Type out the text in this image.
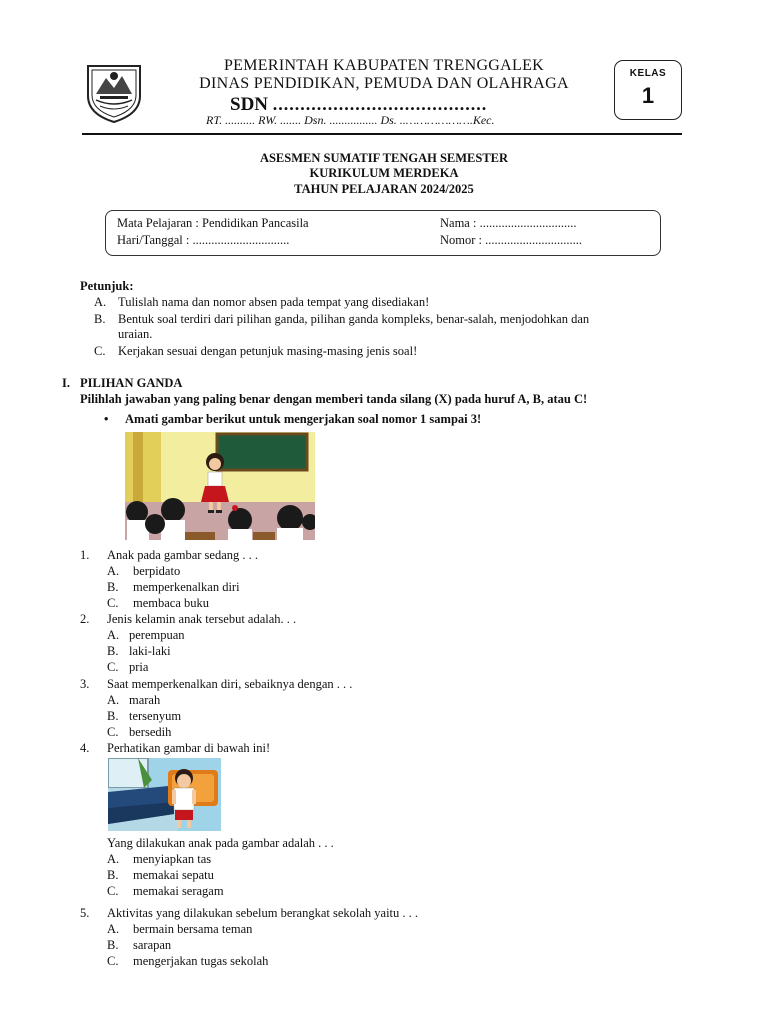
PEMERINTAH KABUPATEN TRENGGALEK
DINAS PENDIDIKAN, PEMUDA DAN OLAHRAGA
SDN .......................................
RT. .......... RW. ....... Dsn. ................ Ds. ..……………….Kec.
KELAS
1
ASESMEN SUMATIF TENGAH SEMESTER
KURIKULUM MERDEKA
TAHUN PELAJARAN 2024/2025
Mata Pelajaran : Pendidikan Pancasila
Hari/Tanggal : ...............................
Nama : ...............................
Nomor : ...............................
Petunjuk:
A. Tulislah nama dan nomor absen pada tempat yang disediakan!
B. Bentuk soal terdiri dari pilihan ganda, pilihan ganda kompleks, benar-salah, menjodohkan dan
uraian.
C. Kerjakan sesuai dengan petunjuk masing-masing jenis soal!
I. PILIHAN GANDA
Pilihlah jawaban yang paling benar dengan memberi tanda silang (X) pada huruf A, B, atau C!
• Amati gambar berikut untuk mengerjakan soal nomor 1 sampai 3!
1. Anak pada gambar sedang . . .
A. berpidato
B. memperkenalkan diri
C. membaca buku
2. Jenis kelamin anak tersebut adalah. . .
A. perempuan
B. laki-laki
C. pria
3. Saat memperkenalkan diri, sebaiknya dengan . . .
A. marah
B. tersenyum
C. bersedih
4. Perhatikan gambar di bawah ini!
Yang dilakukan anak pada gambar adalah . . .
A. menyiapkan tas
B. memakai sepatu
C. memakai seragam
5. Aktivitas yang dilakukan sebelum berangkat sekolah yaitu . . .
A. bermain bersama teman
B. sarapan
C. mengerjakan tugas sekolah
